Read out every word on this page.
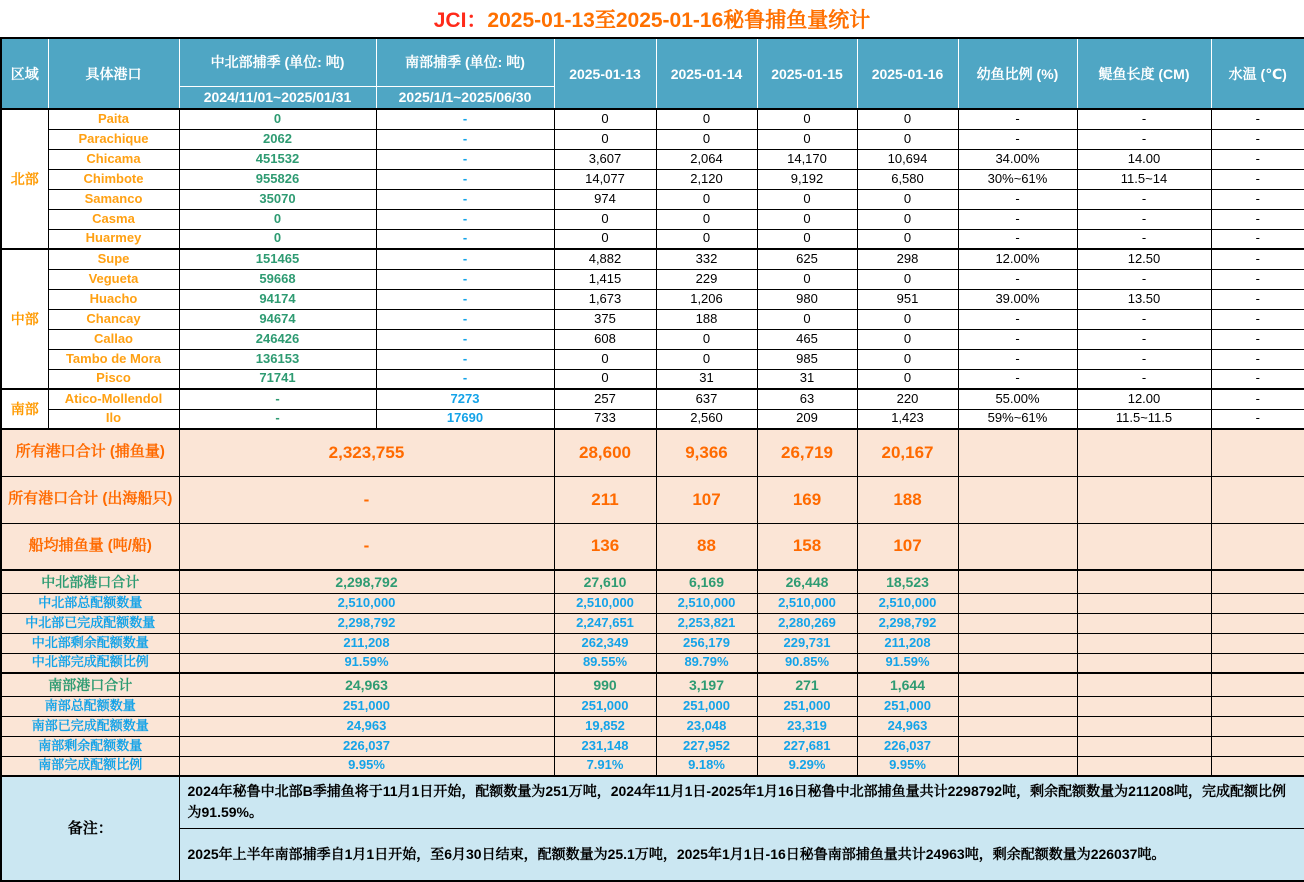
JCI： 2025-01-13至2025-01-16秘鲁捕鱼量统计
区域	具体港口	中北部捕季 (单位: 吨)	南部捕季 (单位: 吨)	2025-01-13	2025-01-14	2025-01-15	2025-01-16	幼鱼比例 (%)	鳀鱼长度 (CM)	水温 (℃)
		2024/11/01~2025/01/31	2025/1/1~2025/06/30							
北部	Paita	0	-	0	0	0	0	-	-	-
	Parachique	2062	-	0	0	0	0	-	-	-
	Chicama	451532	-	3,607	2,064	14,170	10,694	34.00%	14.00	-
	Chimbote	955826	-	14,077	2,120	9,192	6,580	30%~61%	11.5~14	-
	Samanco	35070	-	974	0	0	0	-	-	-
	Casma	0	-	0	0	0	0	-	-	-
	Huarmey	0	-	0	0	0	0	-	-	-
中部	Supe	151465	-	4,882	332	625	298	12.00%	12.50	-
	Vegueta	59668	-	1,415	229	0	0	-	-	-
	Huacho	94174	-	1,673	1,206	980	951	39.00%	13.50	-
	Chancay	94674	-	375	188	0	0	-	-	-
	Callao	246426	-	608	0	465	0	-	-	-
	Tambo de Mora	136153	-	0	0	985	0	-	-	-
	Pisco	71741	-	0	31	31	0	-	-	-
南部	Atico-Mollendol	-	7273	257	637	63	220	55.00%	12.00	-
	Ilo	-	17690	733	2,560	209	1,423	59%~61%	11.5~11.5	-
所有港口合计 (捕鱼量)		2,323,755		28,600	9,366	26,719	20,167			
所有港口合计 (出海船只)		-		211	107	169	188			
船均捕鱼量 (吨/船)		-		136	88	158	107			
中北部港口合计		2,298,792		27,610	6,169	26,448	18,523			
中北部总配额数量		2,510,000		2,510,000	2,510,000	2,510,000	2,510,000			
中北部已完成配额数量		2,298,792		2,247,651	2,253,821	2,280,269	2,298,792			
中北部剩余配额数量		211,208		262,349	256,179	229,731	211,208			
中北部完成配额比例		91.59%		89.55%	89.79%	90.85%	91.59%			
南部港口合计		24,963		990	3,197	271	1,644			
南部总配额数量		251,000		251,000	251,000	251,000	251,000			
南部已完成配额数量		24,963		19,852	23,048	23,319	24,963			
南部剩余配额数量		226,037		231,148	227,952	227,681	226,037			
南部完成配额比例		9.95%		7.91%	9.18%	9.29%	9.95%			
备注：		2024年秘鲁中北部B季捕鱼将于11月1日开始，配额数量为251万吨，2024年11月1日-2025年1月16日秘鲁中北部捕鱼量共计2298792吨，剩余配额数量为211208吨，完成配额比例为91.59%。								
		2025年上半年南部捕季自1月1日开始，至6月30日结束，配额数量为25.1万吨，2025年1月1日-16日秘鲁南部捕鱼量共计24963吨，剩余配额数量为226037吨。								
